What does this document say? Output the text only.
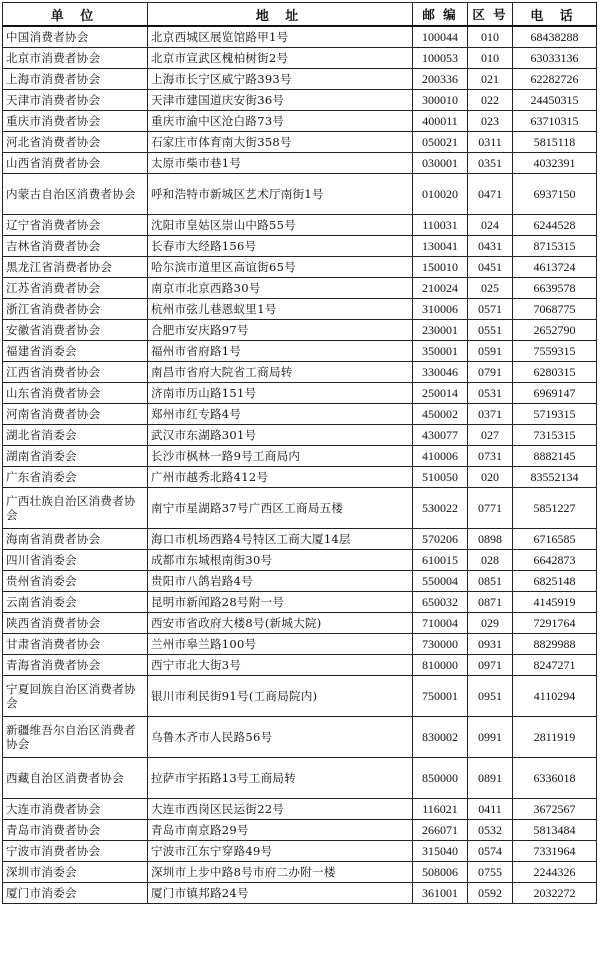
单 位	地 址	邮 编	区 号	电 话
中国消费者协会	北京西城区展览馆路甲1号	100044	010	68438288
北京市消费者协会	北京市宣武区槐柏树街2号	100053	010	63033136
上海市消费者协会	上海市长宁区威宁路393号	200336	021	62282726
天津市消费者协会	天津市建国道庆安街36号	300010	022	24450315
重庆市消费者协会	重庆市渝中区沧白路73号	400011	023	63710315
河北省消费者协会	石家庄市体育南大街358号	050021	0311	5815118
山西省消费者协会	太原市柴市巷1号	030001	0351	4032391
内蒙古自治区消费者协会	呼和浩特市新城区艺术厅南街1号	010020	0471	6937150
辽宁省消费者协会	沈阳市皇姑区崇山中路55号	110031	024	6244528
吉林省消费者协会	长春市大经路156号	130041	0431	8715315
黑龙江省消费者协会	哈尔滨市道里区高谊街65号	150010	0451	4613724
江苏省消费者协会	南京市北京西路30号	210024	025	6639578
浙江省消费者协会	杭州市弦儿巷恩蚁里1号	310006	0571	7068775
安徽省消费者协会	合肥市安庆路97号	230001	0551	2652790
福建省消委会	福州市省府路1号	350001	0591	7559315
江西省消费者协会	南昌市省府大院省工商局转	330046	0791	6280315
山东省消费者协会	济南市历山路151号	250014	0531	6969147
河南省消费者协会	郑州市红专路4号	450002	0371	5719315
湖北省消委会	武汉市东湖路301号	430077	027	7315315
湖南省消委会	长沙市枫林一路9号工商局内	410006	0731	8882145
广东省消委会	广州市越秀北路412号	510050	020	83552134
广西壮族自治区消费者协会	南宁市星湖路37号广西区工商局五楼	530022	0771	5851227
海南省消费者协会	海口市机场西路4号特区工商大厦14层	570206	0898	6716585
四川省消委会	成都市东城根南街30号	610015	028	6642873
贵州省消委会	贵阳市八鸽岩路4号	550004	0851	6825148
云南省消委会	昆明市新闻路28号附一号	650032	0871	4145919
陕西省消费者协会	西安市省政府大楼8号(新城大院)	710004	029	7291764
甘肃省消费者协会	兰州市皋兰路100号	730000	0931	8829988
青海省消费者协会	西宁市北大街3号	810000	0971	8247271
宁夏回族自治区消费者协会	银川市利民街91号(工商局院内)	750001	0951	4110294
新疆维吾尔自治区消费者协会	乌鲁木齐市人民路56号	830002	0991	2811919
西藏自治区消费者协会	拉萨市宇拓路13号工商局转	850000	0891	6336018
大连市消费者协会	大连市西岗区民运街22号	116021	0411	3672567
青岛市消费者协会	青岛市南京路29号	266071	0532	5813484
宁波市消费者协会	宁波市江东宁穿路49号	315040	0574	7331964
深圳市消委会	深圳市上步中路8号市府二办附一楼	508006	0755	2244326
厦门市消委会	厦门市镇邦路24号	361001	0592	2032272
